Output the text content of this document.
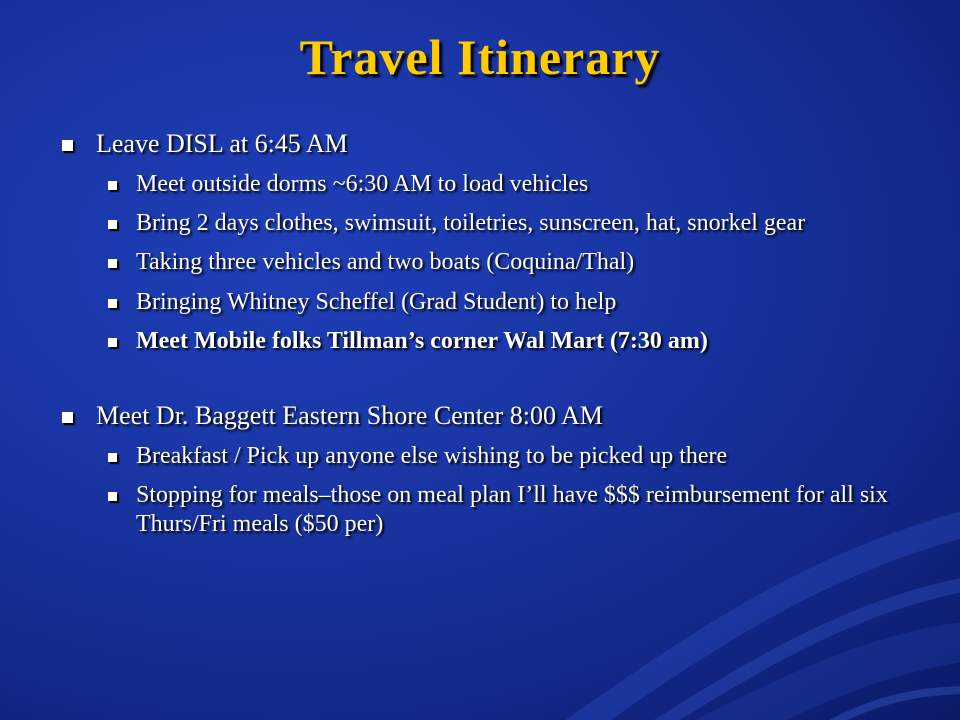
Travel Itinerary
Leave DISL at 6:45 AM
Meet outside dorms ~6:30 AM to load vehicles
Bring 2 days clothes, swimsuit, toiletries, sunscreen, hat, snorkel gear
Taking three vehicles and two boats (Coquina/Thal)
Bringing Whitney Scheffel (Grad Student) to help
Meet Mobile folks Tillman’s corner Wal Mart (7:30 am)
Meet Dr. Baggett Eastern Shore Center 8:00 AM
Breakfast / Pick up anyone else wishing to be picked up there
Stopping for meals–those on meal plan I’ll have $$$ reimbursement for all six Thurs/Fri meals ($50 per)
